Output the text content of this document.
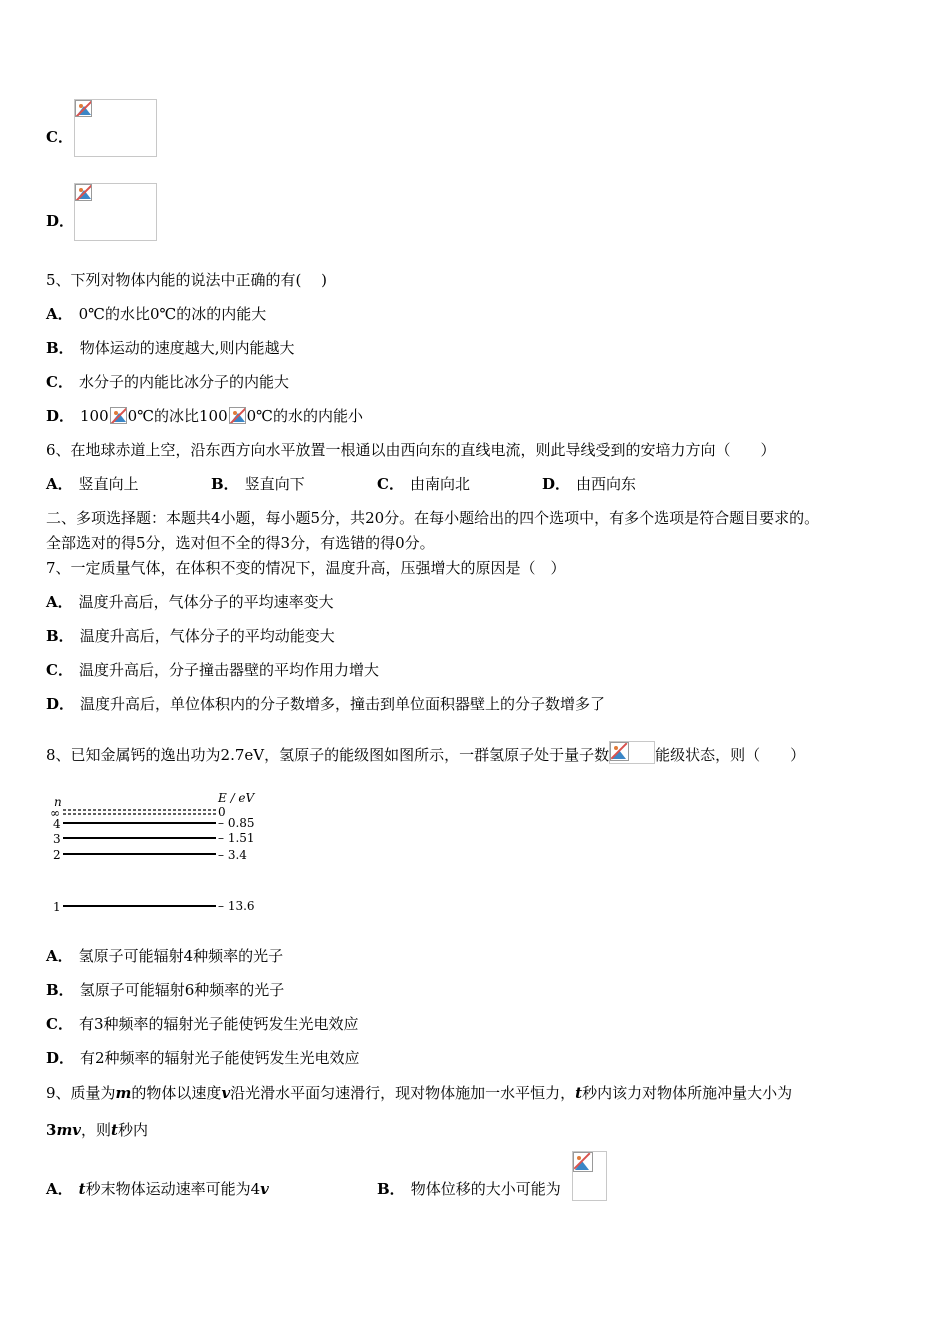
C．
D．
5、下列对物体内能的说法中正确的有(　 )
A． 0℃的水比0℃的冰的内能大
B． 物体运动的速度越大,则内能越大
C． 水分子的内能比冰分子的内能大
D． 100 0℃的冰比100 0℃的水的内能小
6、在地球赤道上空，沿东西方向水平放置一根通以由西向东的直线电流，则此导线受到的安培力方向（　　）
A． 竖直向上	B． 竖直向下	C． 由南向北	D． 由西向东
二、多项选择题：本题共4小题，每小题5分，共20分。在每小题给出的四个选项中，有多个选项是符合题目要求的。
全部选对的得5分，选对但不全的得3分，有选错的得0分。
7、一定质量气体，在体积不变的情况下，温度升高，压强增大的原因是（　）
A． 温度升高后，气体分子的平均速率变大
B． 温度升高后，气体分子的平均动能变大
C． 温度升高后，分子撞击器壁的平均作用力增大
D． 温度升高后，单位体积内的分子数增多，撞击到单位面积器壁上的分子数增多了
8、已知金属钙的逸出功为2.7eV，氢原子的能级图如图所示，一群氢原子处于量子数	能级状态，则（　　）
n	E / eV
∞	0
4	– 0.85
3	– 1.51
2	– 3.4
1	– 13.6
A． 氢原子可能辐射4种频率的光子
B． 氢原子可能辐射6种频率的光子
C． 有3种频率的辐射光子能使钙发生光电效应
D． 有2种频率的辐射光子能使钙发生光电效应
9、质量为m的物体以速度v沿光滑水平面匀速滑行，现对物体施加一水平恒力，t秒内该力对物体所施冲量大小为
3mv，则t秒内
A． t秒末物体运动速率可能为4v	B． 物体位移的大小可能为
